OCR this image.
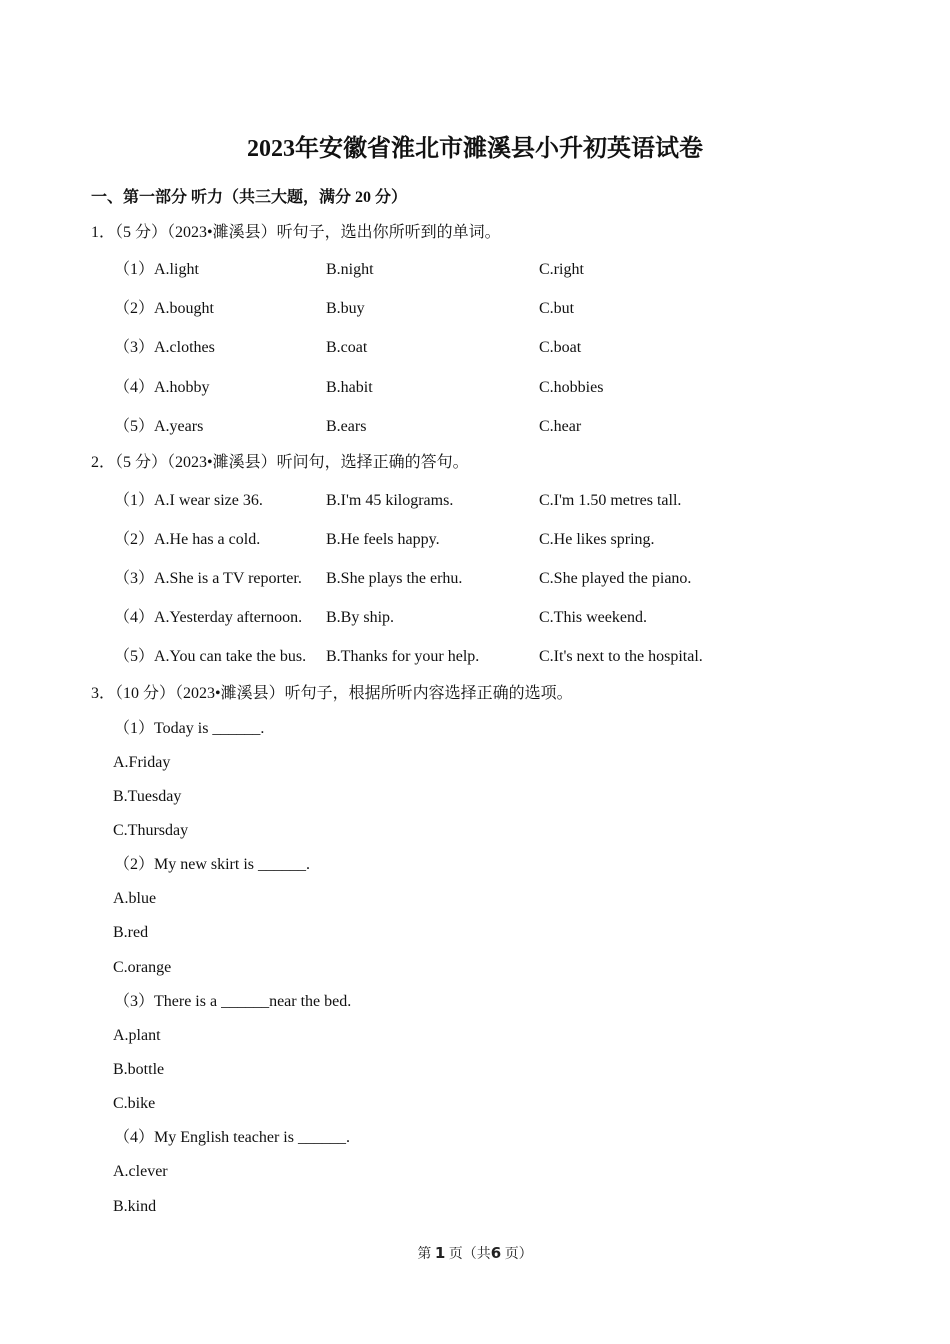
2023年安徽省淮北市濉溪县小升初英语试卷
一、第一部分 听力（共三大题，满分 20 分）
1．（5 分）（2023•濉溪县）听句子，选出你所听到的单词。
（1）A.light	B.night	C.right
（2）A.bought	B.buy	C.but
（3）A.clothes	B.coat	C.boat
（4）A.hobby	B.habit	C.hobbies
（5）A.years	B.ears	C.hear
2．（5 分）（2023•濉溪县）听问句，选择正确的答句。
（1）A.I wear size 36.	B.I'm 45 kilograms.	C.I'm 1.50 metres tall.
（2）A.He has a cold.	B.He feels happy.	C.He likes spring.
（3）A.She is a TV reporter. B.She plays the erhu.	C.She played the piano.
（4）A.Yesterday afternoon. B.By ship.	C.This weekend.
（5）A.You can take the bus. B.Thanks for your help.	C.It's next to the hospital.
3．（10 分）（2023•濉溪县）听句子，根据所听内容选择正确的选项。
（1）Today is ______.
A.Friday
B.Tuesday
C.Thursday
（2）My new skirt is ______.
A.blue
B.red
C.orange
（3）There is a ______near the bed.
A.plant
B.bottle
C.bike
（4）My English teacher is ______.
A.clever
B.kind
第 1 页（共6 页）
